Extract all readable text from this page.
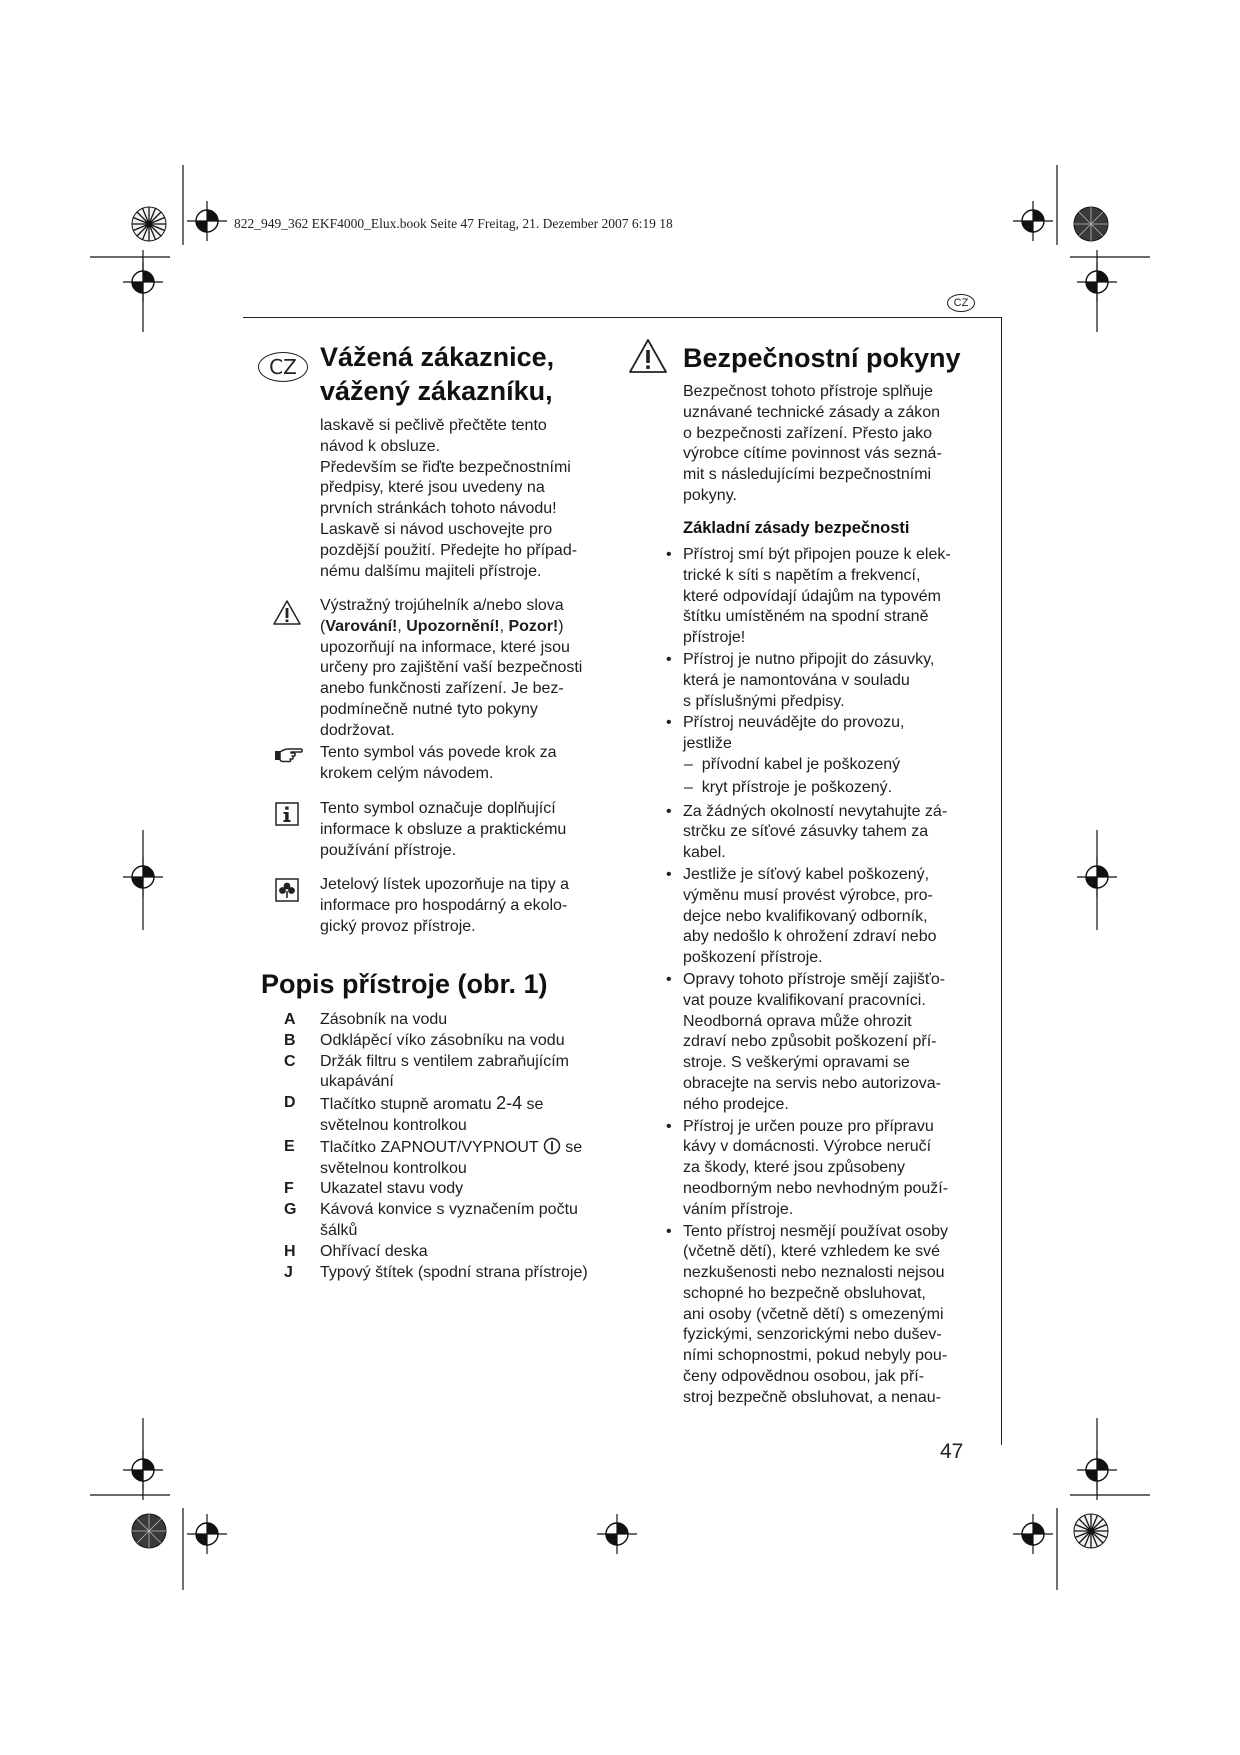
822_949_362 EKF4000_Elux.book Seite 47 Freitag, 21. Dezember 2007 6:19 18
CZ
47
CZ Vážená zákaznice,
vážený zákazníku,
laskavě si pečlivě přečtěte tento
návod k obsluze.
Především se řiďte bezpečnostními
předpisy, které jsou uvedeny na
prvních stránkách tohoto návodu!
Laskavě si návod uschovejte pro
pozdější použití. Předejte ho případ-
nému dalšímu majiteli přístroje.
Výstražný trojúhelník a/nebo slova
(Varování!, Upozornění!, Pozor!)
upozorňují na informace, které jsou
určeny pro zajištění vaší bezpečnosti
anebo funkčnosti zařízení. Je bez-
podmínečně nutné tyto pokyny
dodržovat.
Tento symbol vás povede krok za
krokem celým návodem.
Tento symbol označuje doplňující
informace k obsluze a praktickému
používání přístroje.
Jetelový lístek upozorňuje na tipy a
informace pro hospodárný a ekolo-
gický provoz přístroje.
Popis přístroje (obr. 1)
A	Zásobník na vodu
B	Odklápěcí víko zásobníku na vodu
C	Držák filtru s ventilem zabraňujícím
ukapávání
D	Tlačítko stupně aromatu 2-4 se
světelnou kontrolkou
E	Tlačítko ZAPNOUT/VYPNOUT  se
světelnou kontrolkou
F	Ukazatel stavu vody
G	Kávová konvice s vyznačením počtu
šálků
H	Ohřívací deska
J	Typový štítek (spodní strana přístroje)
Bezpečnostní pokyny
Bezpečnost tohoto přístroje splňuje
uznávané technické zásady a zákon
o bezpečnosti zařízení. Přesto jako
výrobce cítíme povinnost vás sezná-
mit s následujícími bezpečnostními
pokyny.
Základní zásady bezpečnosti
• Přístroj smí být připojen pouze k elek-
trické k síti s napětím a frekvencí,
které odpovídají údajům na typovém
štítku umístěném na spodní straně
přístroje!
• Přístroj je nutno připojit do zásuvky,
která je namontována v souladu
s příslušnými předpisy.
• Přístroj neuvádějte do provozu,
jestliže
– přívodní kabel je poškozený
– kryt přístroje je poškozený.
• Za žádných okolností nevytahujte zá-
strčku ze síťové zásuvky tahem za
kabel.
• Jestliže je síťový kabel poškozený,
výměnu musí provést výrobce, pro-
dejce nebo kvalifikovaný odborník,
aby nedošlo k ohrožení zdraví nebo
poškození přístroje.
• Opravy tohoto přístroje smějí zajišťo-
vat pouze kvalifikovaní pracovníci.
Neodborná oprava může ohrozit
zdraví nebo způsobit poškození pří-
stroje. S veškerými opravami se
obracejte na servis nebo autorizova-
ného prodejce.
• Přístroj je určen pouze pro přípravu
kávy v domácnosti. Výrobce neručí
za škody, které jsou způsobeny
neodborným nebo nevhodným použí-
váním přístroje.
• Tento přístroj nesmějí používat osoby
(včetně dětí), které vzhledem ke své
nezkušenosti nebo neznalosti nejsou
schopné ho bezpečně obsluhovat,
ani osoby (včetně dětí) s omezenými
fyzickými, senzorickými nebo dušev-
ními schopnostmi, pokud nebyly pou-
čeny odpovědnou osobou, jak pří-
stroj bezpečně obsluhovat, a nenau-
